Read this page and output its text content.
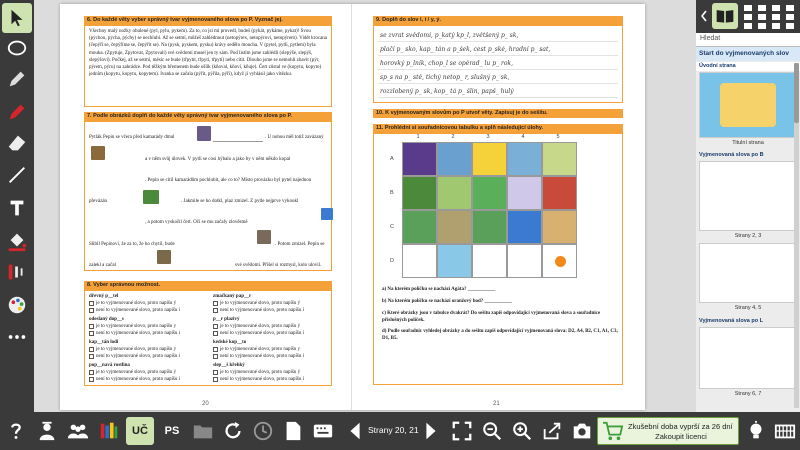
6. Do každé věty vyber správný tvar vyjmenovaného slova po P. Vyznač jej.
Všechny malý nožky obulené (pyl, pylu, pykem). Za to, co jsi mi provedl, budeš (pykát, pykáme, pykat)! Svou (pýchou, pýcha, pýchy) se nechlubí. Až se setmí, můžeš zahlédnout (netopýrex, netopýrovi, netopýrem). Vidět krocana (čepýří se, čepýříme se, čepýřit se). Na (pysk, pyskem, pysku) krávy sedělo moucha. V (pytel, pytli, pytlem) byla mouka. (Zpytuje, Zpytovat, Zpytovali) své svědomí musel jen ty sám. Pod listím jsme zahlédli (slepýše, slepýš, slepýšovi). Počkej, až se setmí, měsíc se bude (třpytit, třpyti, třpytí) nebo cítit. Dlouho jsme se nemohli zbavit (pýr, pýrem, pýru) na zahrádce. Pod těžkým břemenem bude ošlík (kňoval, kňoví, kňuje). Čert zůstal ve (kopytu, kopyto) jedním (kopytu, kopytu, kopytem). Ivanka se začala (pýřit, pýřila, pýří), když ji vyhlásil jako vítězku.
7. Podle obrázků doplň do každé věty správný tvar vyjmenovaného slova po P.
Pytlák Pepin se včera před kamarády dmul	. U nohou měl totiž zavázaný
a v něm svůj úlovek. V pytli se cosi hýbalo a jako by v něm někdo kopal
. Pepin se cítil kamarádům pochlubit, ale co to? Místo provázku byl pytel najednou
převázán	. Jakmile se ho dotkl, plaz zmizel. Z pytle nejprve vykoukl
, a potom vyskočil čert. Oči se mu začaly zlověstně
Slibil Pepinovi, že za to, že ho chytil, bude	. Potom zmizel. Pepin se
zalekl a začal	své svědomí. Přišel si rozmysl, kolo ulovil.
8. Vyber správnou možnost.
dřevný p__tel
je to vyjmenované slovo, proto napíšu ý
není to vyjmenované slovo, proto napíšu í
odeslaný dop__s
je to vyjmenované slovo, proto napíšu y
není to vyjmenované slovo, proto napíšu i
kap__tán lodi
je to vyjmenované slovo, proto napíšu y
není to vyjmenované slovo, proto napíšu i
pop__navá rostlina
je to vyjmenované slovo, proto napíšu ý
není to vyjmenované slovo, proto napíšu í
zmačkaný pap__r
je to vyjmenované slovo, proto napíšu ý
není to vyjmenované slovo, proto napíšu í
p__r plazivý
je to vyjmenované slovo, proto napíšu ý
není to vyjmenované slovo, proto napíšu í
kedské kop__to
je to vyjmenované slovo, proto napíšu y
není to vyjmenované slovo, proto napíšu i
slep__š křehký
je to vyjmenované slovo, proto napíšu ý
není to vyjmenované slovo, proto napíšu í
20
9. Doplň do slov i, í / y, ý.
se zvrat svědomí, p_katý kp_l, zvětšený p_ sk,
plačí p_ sko, kap_ tán a p_šek, cest p_ské, hradní p_ sat,
horovký p_lník, chop_l se opěrad_ lu p_ rok,
sp_s na p_ stě, tichý netop_ r, slušný p_ sk,
rozzlobený p_ sk, kop_ tá p_ šlin, papš_ hulý
10. K vyjmenovaným slovům po P utvoř věty. Zapisuj je do sešitu.
11. Prohlédni si souřadnicovou tabulku a splň následující úlohy.
1	2	3	4	5
A
B
C
D
a) Na kterém políčku se nachází Agáta? ___________
b) Na kterém políčku se nachází oranžový bod? ___________
c) Které obrázky jsou v tabulce dvakrát? Do sešitu zapiš odpovídající vyjmenovaná slova a souřadnice příslušných políček.
d) Podle souřadnic vyhledej obrázky a do sešitu zapiš odpovídající vyjmenovaná slova: D2, A4, B2, C1, A1, C3, D1, B5.
21
Hledat
Start do vyjmenovaných slov
Úvodní strana
Titulní strana
Vyjmenovaná slova po B
Strany 2, 3
Strany 4, 5
Vyjmenovaná slova po L
Strany 6, 7
UČ	PS	Strany 20, 21	Zkušební doba vyprší za 26 dní
Zakoupit licenci
